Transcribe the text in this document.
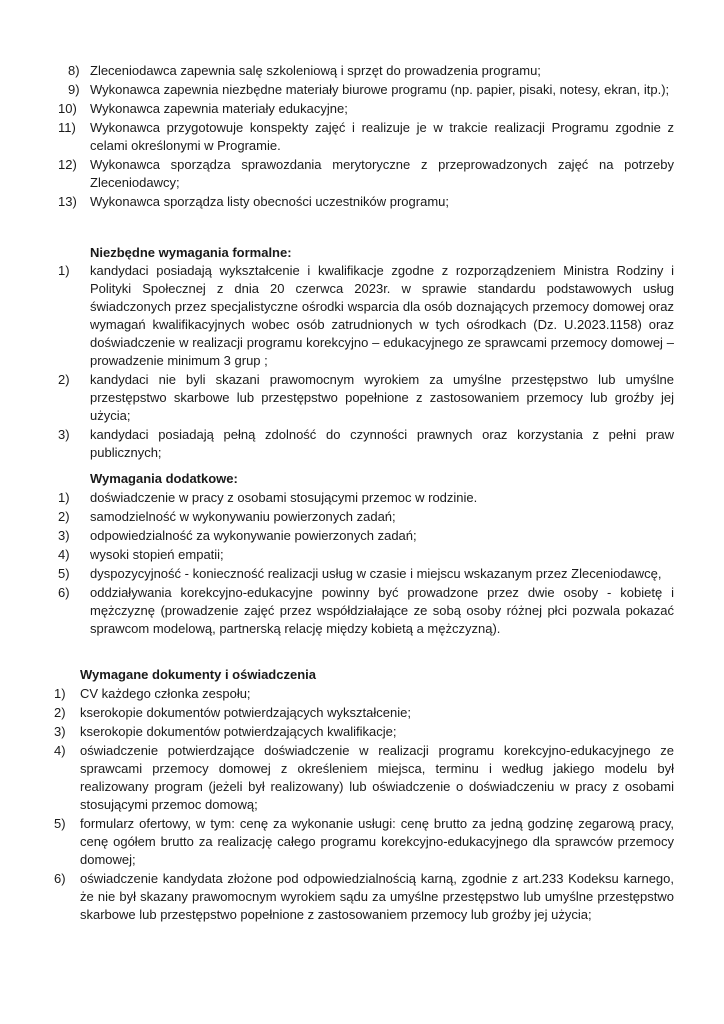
8) Zleceniodawca zapewnia salę szkoleniową i sprzęt do prowadzenia programu;
9) Wykonawca zapewnia niezbędne materiały biurowe programu (np. papier, pisaki, notesy, ekran, itp.);
10) Wykonawca zapewnia materiały edukacyjne;
11) Wykonawca przygotowuje konspekty zajęć i realizuje je w trakcie realizacji Programu zgodnie z celami określonymi w Programie.
12) Wykonawca sporządza sprawozdania merytoryczne z przeprowadzonych zajęć na potrzeby Zleceniodawcy;
13) Wykonawca sporządza listy obecności uczestników programu;
Niezbędne wymagania formalne:
1) kandydaci posiadają wykształcenie i kwalifikacje zgodne z rozporządzeniem Ministra Rodziny i Polityki Społecznej z dnia 20 czerwca 2023r. w sprawie standardu podstawowych usług świadczonych przez specjalistyczne ośrodki wsparcia dla osób doznających przemocy domowej oraz wymagań kwalifikacyjnych wobec osób zatrudnionych w tych ośrodkach (Dz. U.2023.1158) oraz doświadczenie w realizacji programu korekcyjno – edukacyjnego ze sprawcami przemocy domowej – prowadzenie minimum 3 grup ;
2) kandydaci nie byli skazani prawomocnym wyrokiem za umyślne przestępstwo lub umyślne przestępstwo skarbowe lub przestępstwo popełnione z zastosowaniem przemocy lub groźby jej użycia;
3) kandydaci posiadają pełną zdolność do czynności prawnych oraz korzystania z pełni praw publicznych;
Wymagania dodatkowe:
1) doświadczenie w pracy z osobami stosującymi przemoc w rodzinie.
2) samodzielność w wykonywaniu powierzonych zadań;
3) odpowiedzialność za wykonywanie powierzonych zadań;
4) wysoki stopień empatii;
5) dyspozycyjność - konieczność realizacji usług w czasie i miejscu wskazanym przez Zleceniodawcę,
6) oddziaływania korekcyjno-edukacyjne powinny być prowadzone przez dwie osoby - kobietę i mężczyznę (prowadzenie zajęć przez współdziałające ze sobą osoby różnej płci pozwala pokazać sprawcom modelową, partnerską relację między kobietą a mężczyzną).
Wymagane dokumenty i oświadczenia
1) CV każdego członka zespołu;
2) kserokopie dokumentów potwierdzających wykształcenie;
3) kserokopie dokumentów potwierdzających kwalifikacje;
4) oświadczenie potwierdzające doświadczenie w realizacji programu korekcyjno-edukacyjnego ze sprawcami przemocy domowej z określeniem miejsca, terminu i według jakiego modelu był realizowany program (jeżeli był realizowany) lub oświadczenie o doświadczeniu w pracy z osobami stosującymi przemoc domową;
5) formularz ofertowy, w tym: cenę za wykonanie usługi: cenę brutto za jedną godzinę zegarową pracy, cenę ogółem brutto za realizację całego programu korekcyjno-edukacyjnego dla sprawców przemocy domowej;
6) oświadczenie kandydata złożone pod odpowiedzialnością karną, zgodnie z art.233 Kodeksu karnego, że nie był skazany prawomocnym wyrokiem sądu za umyślne przestępstwo lub umyślne przestępstwo skarbowe lub przestępstwo popełnione z zastosowaniem przemocy lub groźby jej użycia;
